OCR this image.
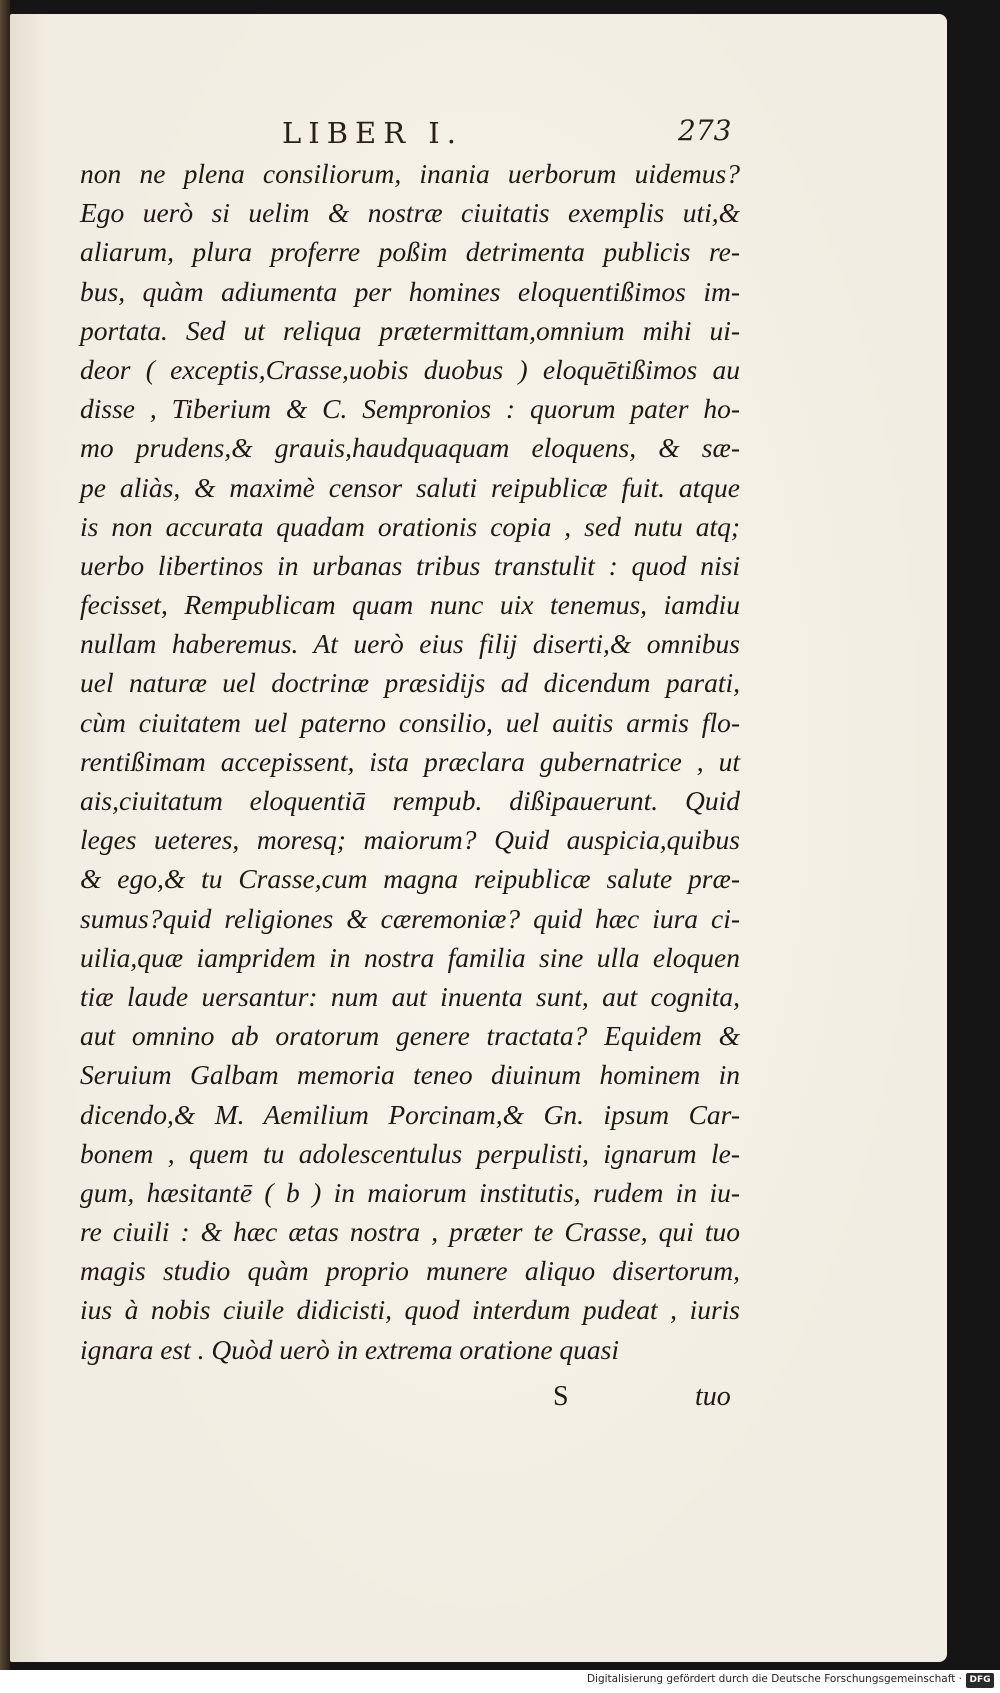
LIBER I.	273
non ne plena consiliorum, inania uerborum uidemus?
Ego uerò si uelim & nostræ ciuitatis exemplis uti,&
aliarum, plura proferre poßim detrimenta publicis re-
bus, quàm adiumenta per homines eloquentißimos im-
portata. Sed ut reliqua prætermittam,omnium mihi ui-
deor ( exceptis,Crasse,uobis duobus ) eloquētißimos au
disse , Tiberium & C. Sempronios : quorum pater ho-
mo prudens,& grauis,haudquaquam eloquens, & sæ-
pe aliàs, & maximè censor saluti reipublicæ fuit. atque
is non accurata quadam orationis copia , sed nutu atq;
uerbo libertinos in urbanas tribus transtulit : quod nisi
fecisset, Rempublicam quam nunc uix tenemus, iamdiu
nullam haberemus. At uerò eius filij diserti,& omnibus
uel naturæ uel doctrinæ præsidijs ad dicendum parati,
cùm ciuitatem uel paterno consilio, uel auitis armis flo-
rentißimam accepissent, ista præclara gubernatrice , ut
ais,ciuitatum eloquentiā rempub. dißipauerunt. Quid
leges ueteres, moresq; maiorum? Quid auspicia,quibus
& ego,& tu Crasse,cum magna reipublicæ salute præ-
sumus?quid religiones & cæremoniæ? quid hæc iura ci-
uilia,quæ iampridem in nostra familia sine ulla eloquen
tiæ laude uersantur: num aut inuenta sunt, aut cognita,
aut omnino ab oratorum genere tractata? Equidem &
Seruium Galbam memoria teneo diuinum hominem in
dicendo,& M. Aemilium Porcinam,& Gn. ipsum Car-
bonem , quem tu adolescentulus perpulisti, ignarum le-
gum, hæsitantē ( b ) in maiorum institutis, rudem in iu-
re ciuili : & hæc ætas nostra , præter te Crasse, qui tuo
magis studio quàm proprio munere aliquo disertorum,
ius à nobis ciuile didicisti, quod interdum pudeat , iuris
ignara est . Quòd uerò in extrema oratione quasi
S	tuo
Digitalisierung gefördert durch die Deutsche Forschungsgemeinschaft · DFG
